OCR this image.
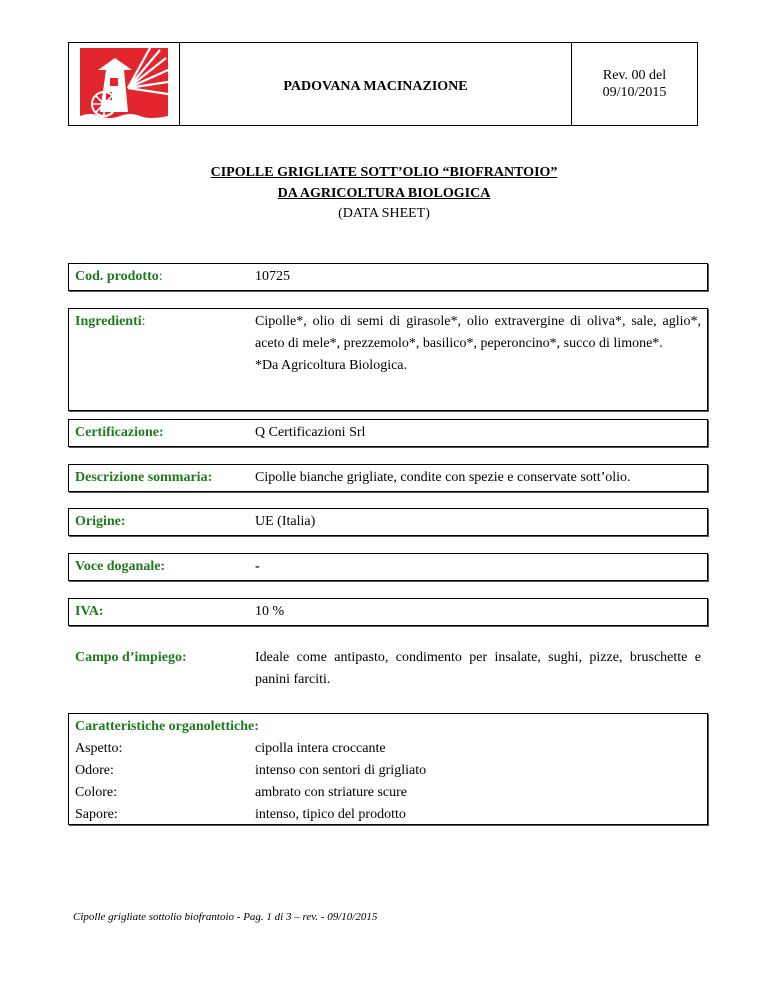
PADOVANA MACINAZIONE
Rev. 00 del
09/10/2015
CIPOLLE GRIGLIATE SOTT’OLIO “BIOFRANTOIO”
DA AGRICOLTURA BIOLOGICA
(DATA SHEET)
Cod. prodotto:	10725
Ingredienti:	Cipolle*, olio di semi di girasole*, olio extravergine di oliva*, sale, aglio*, aceto di mele*, prezzemolo*, basilico*, peperoncino*, succo di limone*.
*Da Agricoltura Biologica.
Certificazione:	Q Certificazioni Srl
Descrizione sommaria:	Cipolle bianche grigliate, condite con spezie e conservate sott’olio.
Origine:	UE (Italia)
Voce doganale:	-
IVA:	10 %
Campo d’impiego:	Ideale come antipasto, condimento per insalate, sughi, pizze, bruschette e panini farciti.
Caratteristiche organolettiche:
Aspetto:	cipolla intera croccante
Odore:	intenso con sentori di grigliato
Colore:	ambrato con striature scure
Sapore:	intenso, tipico del prodotto
Cipolle grigliate sottolio biofrantoio - Pag. 1 di 3 – rev. - 09/10/2015
